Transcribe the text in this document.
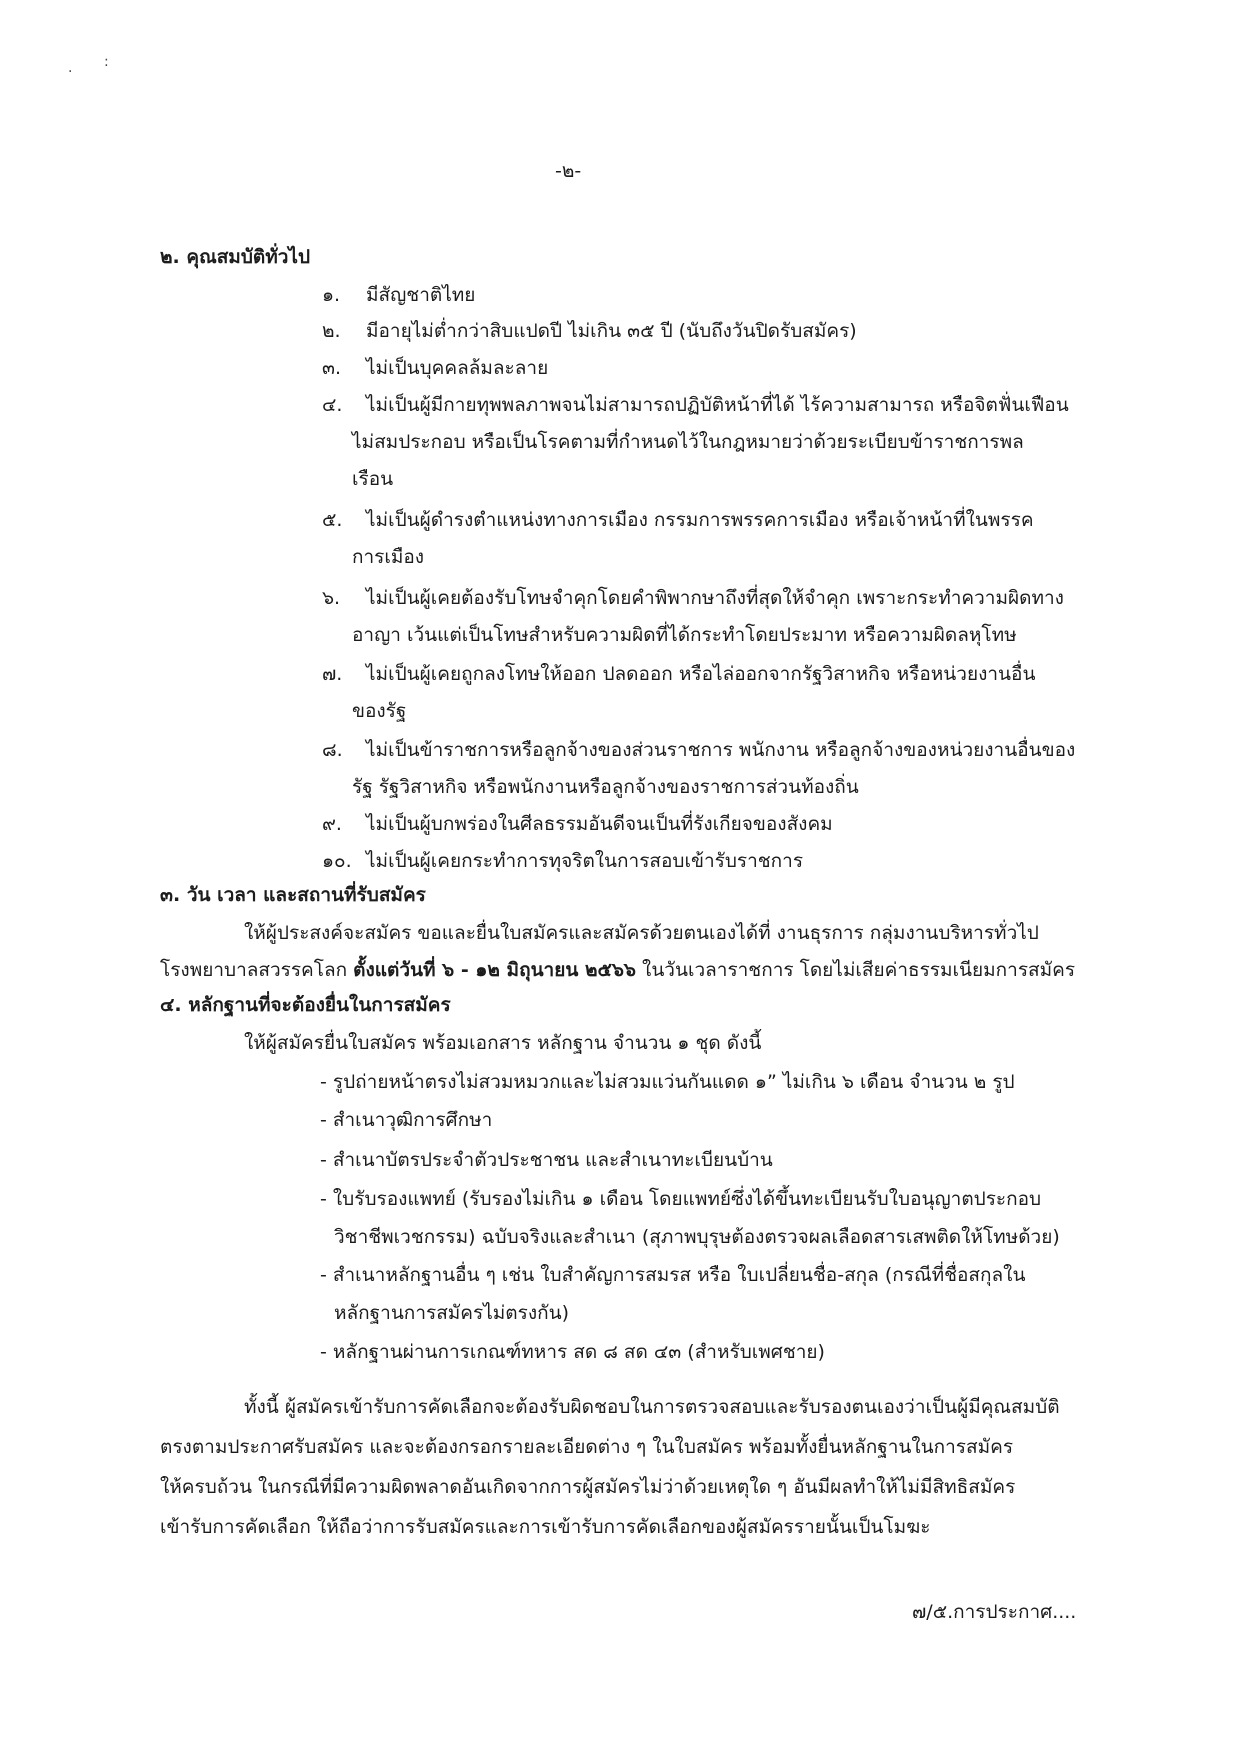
·
:
-๒-
๒. คุณสมบัติทั่วไป
๑. มีสัญชาติไทย
๒. มีอายุไม่ต่ำกว่าสิบแปดปี ไม่เกิน ๓๕ ปี (นับถึงวันปิดรับสมัคร)
๓. ไม่เป็นบุคคลล้มละลาย
๔. ไม่เป็นผู้มีกายทุพพลภาพจนไม่สามารถปฏิบัติหน้าที่ได้ ไร้ความสามารถ หรือจิตฟั่นเฟือน
ไม่สมประกอบ หรือเป็นโรคตามที่กำหนดไว้ในกฎหมายว่าด้วยระเบียบข้าราชการพล
เรือน
๕. ไม่เป็นผู้ดำรงตำแหน่งทางการเมือง กรรมการพรรคการเมือง หรือเจ้าหน้าที่ในพรรค
การเมือง
๖. ไม่เป็นผู้เคยต้องรับโทษจำคุกโดยคำพิพากษาถึงที่สุดให้จำคุก เพราะกระทำความผิดทาง
อาญา เว้นแต่เป็นโทษสำหรับความผิดที่ได้กระทำโดยประมาท หรือความผิดลหุโทษ
๗. ไม่เป็นผู้เคยถูกลงโทษให้ออก ปลดออก หรือไล่ออกจากรัฐวิสาหกิจ หรือหน่วยงานอื่น
ของรัฐ
๘. ไม่เป็นข้าราชการหรือลูกจ้างของส่วนราชการ พนักงาน หรือลูกจ้างของหน่วยงานอื่นของ
รัฐ รัฐวิสาหกิจ หรือพนักงานหรือลูกจ้างของราชการส่วนท้องถิ่น
๙. ไม่เป็นผู้บกพร่องในศีลธรรมอันดีจนเป็นที่รังเกียจของสังคม
๑๐. ไม่เป็นผู้เคยกระทำการทุจริตในการสอบเข้ารับราชการ
๓. วัน เวลา และสถานที่รับสมัคร
ให้ผู้ประสงค์จะสมัคร ขอและยื่นใบสมัครและสมัครด้วยตนเองได้ที่ งานธุรการ กลุ่มงานบริหารทั่วไป
โรงพยาบาลสวรรคโลก ตั้งแต่วันที่ ๖ - ๑๒ มิถุนายน ๒๕๖๖ ในวันเวลาราชการ โดยไม่เสียค่าธรรมเนียมการสมัคร
๔. หลักฐานที่จะต้องยื่นในการสมัคร
ให้ผู้สมัครยื่นใบสมัคร พร้อมเอกสาร หลักฐาน จำนวน ๑ ชุด ดังนี้
- รูปถ่ายหน้าตรงไม่สวมหมวกและไม่สวมแว่นกันแดด ๑” ไม่เกิน ๖ เดือน จำนวน ๒ รูป
- สำเนาวุฒิการศึกษา
- สำเนาบัตรประจำตัวประชาชน และสำเนาทะเบียนบ้าน
- ใบรับรองแพทย์ (รับรองไม่เกิน ๑ เดือน โดยแพทย์ซึ่งได้ขึ้นทะเบียนรับใบอนุญาตประกอบ
วิชาชีพเวชกรรม) ฉบับจริงและสำเนา (สุภาพบุรุษต้องตรวจผลเลือดสารเสพติดให้โทษด้วย)
- สำเนาหลักฐานอื่น ๆ เช่น ใบสำคัญการสมรส หรือ ใบเปลี่ยนชื่อ-สกุล (กรณีที่ชื่อสกุลใน
หลักฐานการสมัครไม่ตรงกัน)
- หลักฐานผ่านการเกณฑ์ทหาร สด ๘ สด ๔๓ (สำหรับเพศชาย)
ทั้งนี้ ผู้สมัครเข้ารับการคัดเลือกจะต้องรับผิดชอบในการตรวจสอบและรับรองตนเองว่าเป็นผู้มีคุณสมบัติ
ตรงตามประกาศรับสมัคร และจะต้องกรอกรายละเอียดต่าง ๆ ในใบสมัคร พร้อมทั้งยื่นหลักฐานในการสมัคร
ให้ครบถ้วน ในกรณีที่มีความผิดพลาดอันเกิดจากการผู้สมัครไม่ว่าด้วยเหตุใด ๆ อันมีผลทำให้ไม่มีสิทธิสมัคร
เข้ารับการคัดเลือก ให้ถือว่าการรับสมัครและการเข้ารับการคัดเลือกของผู้สมัครรายนั้นเป็นโมฆะ
๗/๕.การประกาศ....
